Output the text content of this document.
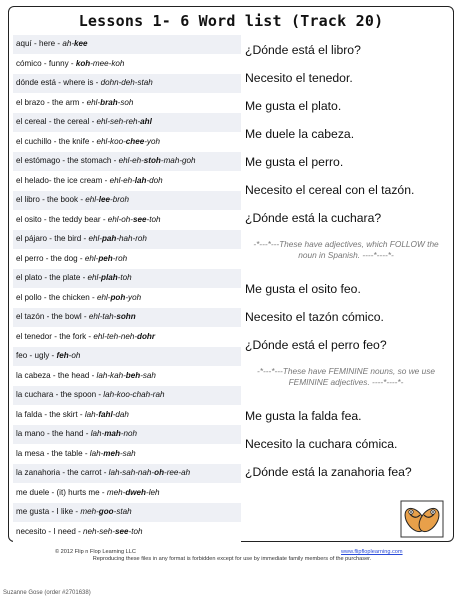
Lessons 1- 6 Word list (Track 20)
aquí - here - ah-kee
cómico - funny - koh-mee-koh
dónde está - where is - dohn-deh-stah
el brazo - the arm - ehl-brah-soh
el cereal - the cereal - ehl-seh-reh-ahl
el cuchillo - the knife - ehl-koo-chee-yoh
el estómago - the stomach - ehl-eh-stoh-mah-goh
el helado- the ice cream - ehl-eh-lah-doh
el libro - the book - ehl-lee-broh
el osito - the teddy bear - ehl-oh-see-toh
el pájaro - the bird - ehl-pah-hah-roh
el perro - the dog - ehl-peh-roh
el plato - the plate - ehl-plah-toh
el pollo - the chicken - ehl-poh-yoh
el tazón - the bowl - ehl-tah-sohn
el tenedor - the fork - ehl-teh-neh-dohr
feo - ugly - feh-oh
la cabeza - the head - lah-kah-beh-sah
la cuchara - the spoon - lah-koo-chah-rah
la falda - the skirt - lah-fahl-dah
la mano - the hand - lah-mah-noh
la mesa - the table - lah-meh-sah
la zanahoria - the carrot - lah-sah-nah-oh-ree-ah
me duele - (it) hurts me - meh-dweh-leh
me gusta - I like - meh-goo-stah
necesito - I need - neh-seh-see-toh
¿Dónde está el libro?
Necesito el tenedor.
Me gusta el plato.
Me duele la cabeza.
Me gusta el perro.
Necesito el cereal con el tazón.
¿Dónde está la cuchara?
-*---*---These have adjectives, which FOLLOW the noun in Spanish. ----*----*-
Me gusta el osito feo.
Necesito el tazón cómico.
¿Dónde está el perro feo?
-*---*---These have FEMININE nouns, so we use FEMININE adjectives. ----*----*-
Me gusta la falda fea.
Necesito la cuchara cómica.
¿Dónde está la zanahoria fea?
© 2012 Flip n Flop Learning LLC	www.flipfloplearning.com
Reproducing these files in any format is forbidden except for use by immediate family members of the purchaser.
Suzanne Gose (order #2701638)
